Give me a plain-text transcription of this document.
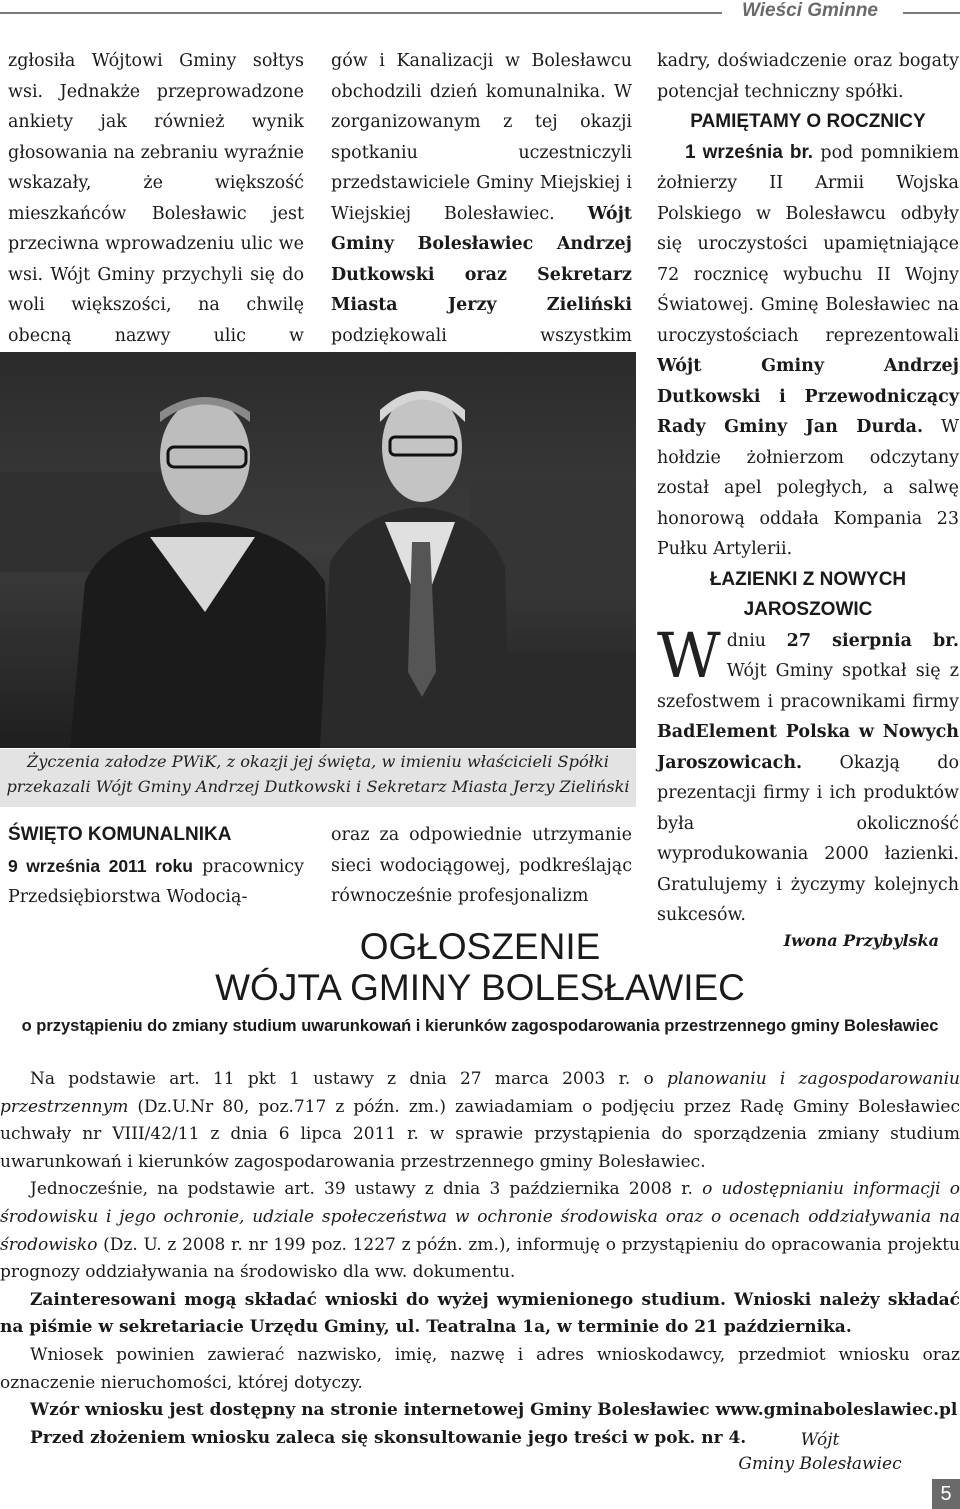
Wieści Gminne

zgłosiła Wójtowi Gminy sołtys wsi. Jednakże przeprowadzone ankiety jak również wynik głosowania na zebraniu wyraźnie wskazały, że większość mieszkańców Bolesławic jest przeciwna wprowadzeniu ulic we wsi. Wójt Gminy przychyli się do woli większości, na chwilę obecną nazwy ulic w

gów i Kanalizacji w Bolesławcu obchodzili dzień komunalnika. W zorganizowanym z tej okazji spotkaniu uczestniczyli przedstawiciele Gminy Miejskiej i Wiejskiej Bolesławiec. Wójt Gminy Bolesławiec Andrzej Dutkowski oraz Sekretarz Miasta Jerzy Zieliński podziękowali wszystkim

Życzenia załodze PWiK, z okazji jej święta, w imieniu właścicieli Spółki przekazali Wójt Gminy Andrzej Dutkowski i Sekretarz Miasta Jerzy Zieliński
ŚWIĘTO KOMUNALNIKA

9 września 2011 roku pracownicy Przedsiębiorstwa Wodocią-

oraz za odpowiednie utrzymanie sieci wodociągowej, podkreślając równocześnie profesjonalizm

kadry, doświadczenie oraz bogaty potencjał techniczny spółki.

PAMIĘTAMY O ROCZNICY

1 września br. pod pomnikiem żołnierzy II Armii Wojska Polskiego w Bolesławcu odbyły się uroczystości upamiętniające 72 rocznicę wybuchu II Wojny Światowej. Gminę Bolesławiec na uroczystościach reprezentowali Wójt Gminy Andrzej Dutkowski i Przewodniczący Rady Gminy Jan Durda. W hołdzie żołnierzom odczytany został apel poległych, a salwę honorową oddała Kompania 23 Pułku Artylerii.

ŁAZIENKI Z NOWYCH JAROSZOWIC

Wdniu 27 sierpnia br. Wójt Gminy spotkał się z szefostwem i pracownikami firmy BadElement Polska w Nowych Jaroszowicach. Okazją do prezentacji firmy i ich produktów była okoliczność wyprodukowania 2000 łazienki. Gratulujemy i życzymy kolejnych sukcesów.

Iwona Przybylska
OGŁOSZENIE
WÓJTA GMINY BOLESŁAWIEC
o przystąpieniu do zmiany studium uwarunkowań i kierunków zagospodarowania przestrzennego gminy Bolesławiec

Na podstawie art. 11 pkt 1 ustawy z dnia 27 marca 2003 r. o planowaniu i zagospodarowaniu przestrzennym (Dz.U.Nr 80, poz.717 z późn. zm.) zawiadamiam o podjęciu przez Radę Gminy Bolesławiec uchwały nr VIII/42/11 z dnia 6 lipca 2011 r. w sprawie przystąpienia do sporządzenia zmiany studium uwarunkowań i kierunków zagospodarowania przestrzennego gminy Bolesławiec.

Jednocześnie, na podstawie art. 39 ustawy z dnia 3 października 2008 r. o udostępnianiu informacji o środowisku i jego ochronie, udziale społeczeństwa w ochronie środowiska oraz o ocenach oddziaływania na środowisko (Dz. U. z 2008 r. nr 199 poz. 1227 z późn. zm.), informuję o przystąpieniu do opracowania projektu prognozy oddziaływania na środowisko dla ww. dokumentu.

Zainteresowani mogą składać wnioski do wyżej wymienionego studium. Wnioski należy składać na piśmie w sekretariacie Urzędu Gminy, ul. Teatralna 1a, w terminie do 21 października.

Wniosek powinien zawierać nazwisko, imię, nazwę i adres wnioskodawcy, przedmiot wniosku oraz oznaczenie nieruchomości, której dotyczy.

Wzór wniosku jest dostępny na stronie internetowej Gminy Bolesławiec www.gminaboleslawiec.pl

Przed złożeniem wniosku zaleca się skonsultowanie jego treści w pok. nr 4.	Wójt
Gminy Bolesławiec
5
